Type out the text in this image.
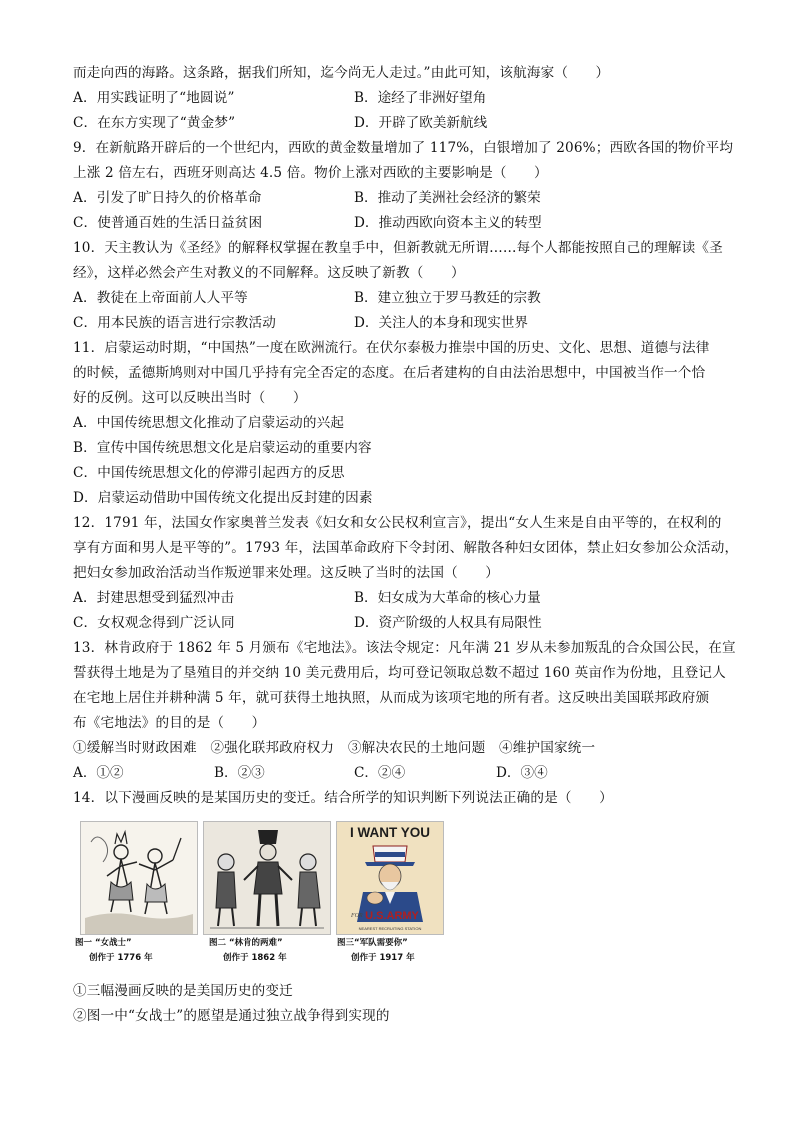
而走向西的海路。这条路，据我们所知，迄今尚无人走过。”由此可知，该航海家（　　）
A．用实践证明了“地圆说”	B．途经了非洲好望角
C．在东方实现了“黄金梦”	D．开辟了欧美新航线
9．在新航路开辟后的一个世纪内，西欧的黄金数量增加了 117%，白银增加了 206%；西欧各国的物价平均
上涨 2 倍左右，西班牙则高达 4.5 倍。物价上涨对西欧的主要影响是（　　）
A．引发了旷日持久的价格革命	B．推动了美洲社会经济的繁荣
C．使普通百姓的生活日益贫困	D．推动西欧向资本主义的转型
10．天主教认为《圣经》的解释权掌握在教皇手中，但新教就无所谓……每个人都能按照自己的理解读《圣
经》，这样必然会产生对教义的不同解释。这反映了新教（　　）
A．教徒在上帝面前人人平等	B．建立独立于罗马教廷的宗教
C．用本民族的语言进行宗教活动	D．关注人的本身和现实世界
11．启蒙运动时期，“中国热”一度在欧洲流行。在伏尔泰极力推崇中国的历史、文化、思想、道德与法律
的时候，孟德斯鸠则对中国几乎持有完全否定的态度。在后者建构的自由法治思想中，中国被当作一个恰
好的反例。这可以反映出当时（　　）
A．中国传统思想文化推动了启蒙运动的兴起
B．宣传中国传统思想文化是启蒙运动的重要内容
C．中国传统思想文化的停滞引起西方的反思
D．启蒙运动借助中国传统文化提出反封建的因素
12．1791 年，法国女作家奥普兰发表《妇女和女公民权利宣言》，提出“女人生来是自由平等的，在权利的
享有方面和男人是平等的”。1793 年，法国革命政府下令封闭、解散各种妇女团体，禁止妇女参加公众活动，
把妇女参加政治活动当作叛逆罪来处理。这反映了当时的法国（　　）
A．封建思想受到猛烈冲击	B．妇女成为大革命的核心力量
C．女权观念得到广泛认同	D．资产阶级的人权具有局限性
13．林肯政府于 1862 年 5 月颁布《宅地法》。该法令规定：凡年满 21 岁从未参加叛乱的合众国公民，在宣
誓获得土地是为了垦殖目的并交纳 10 美元费用后，均可登记领取总数不超过 160 英亩作为份地，且登记人
在宅地上居住并耕种满 5 年，就可获得土地执照，从而成为该项宅地的所有者。这反映出美国联邦政府颁
布《宅地法》的目的是（　　）
①缓解当时财政困难　②强化联邦政府权力　③解决农民的土地问题　④维护国家统一
A．①②	B．②③	C．②④	D．③④
14．以下漫画反映的是某国历史的变迁。结合所学的知识判断下列说法正确的是（　　）
I WANT YOU
FOR U.S.ARMY
NEAREST RECRUITING STATION
图一 “女战士”
创作于 1776 年
图二 “林肯的两难”
创作于 1862 年
图三“军队需要你”
创作于 1917 年
①三幅漫画反映的是美国历史的变迁
②图一中“女战士”的愿望是通过独立战争得到实现的
